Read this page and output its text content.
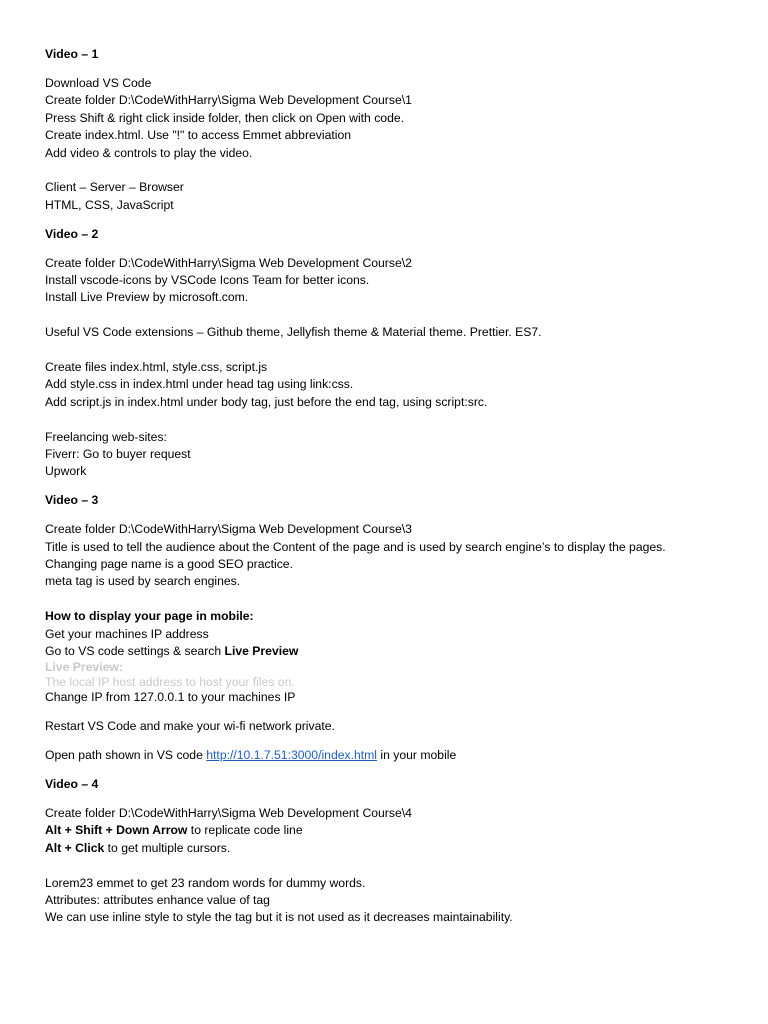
Video – 1
Download VS Code
Create folder D:\CodeWithHarry\Sigma Web Development Course\1
Press Shift & right click inside folder, then click on Open with code.
Create index.html. Use "!" to access Emmet abbreviation
Add video & controls to play the video.
Client – Server – Browser
HTML, CSS, JavaScript
Video – 2
Create folder D:\CodeWithHarry\Sigma Web Development Course\2
Install vscode-icons by VSCode Icons Team for better icons.
Install Live Preview by microsoft.com.
Useful VS Code extensions – Github theme, Jellyfish theme & Material theme. Prettier. ES7.
Create files index.html, style.css, script.js
Add style.css in index.html under head tag using link:css.
Add script.js in index.html under body tag, just before the end tag, using script:src.
Freelancing web-sites:
Fiverr: Go to buyer request
Upwork
Video – 3
Create folder D:\CodeWithHarry\Sigma Web Development Course\3
Title is used to tell the audience about the Content of the page and is used by search engine’s to display the pages.
Changing page name is a good SEO practice.
meta tag is used by search engines.
How to display your page in mobile:
Get your machines IP address
Go to VS code settings & search Live Preview
Live Preview:
The local IP host address to host your files on.
Change IP from 127.0.0.1 to your machines IP
Restart VS Code and make your wi-fi network private.
Open path shown in VS code http://10.1.7.51:3000/index.html in your mobile
Video – 4
Create folder D:\CodeWithHarry\Sigma Web Development Course\4
Alt + Shift + Down Arrow to replicate code line
Alt + Click to get multiple cursors.
Lorem23 emmet to get 23 random words for dummy words.
Attributes: attributes enhance value of tag
We can use inline style to style the tag but it is not used as it decreases maintainability.
